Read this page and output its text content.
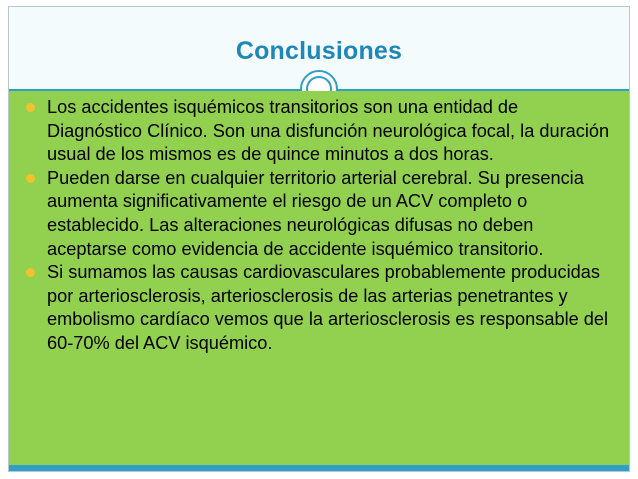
Conclusiones
Los accidentes isquémicos transitorios son una entidad de Diagnóstico Clínico. Son una disfunción neurológica focal, la duración usual de los mismos es de quince minutos a dos horas.
Pueden darse en cualquier territorio arterial cerebral. Su presencia aumenta significativamente el riesgo de un ACV completo o establecido. Las alteraciones neurológicas difusas no deben aceptarse como evidencia de accidente isquémico transitorio.
Si sumamos las causas cardiovasculares probablemente producidas por arteriosclerosis, arteriosclerosis de las arterias penetrantes y embolismo cardíaco vemos que la arteriosclerosis es responsable del 60-70% del ACV isquémico.
